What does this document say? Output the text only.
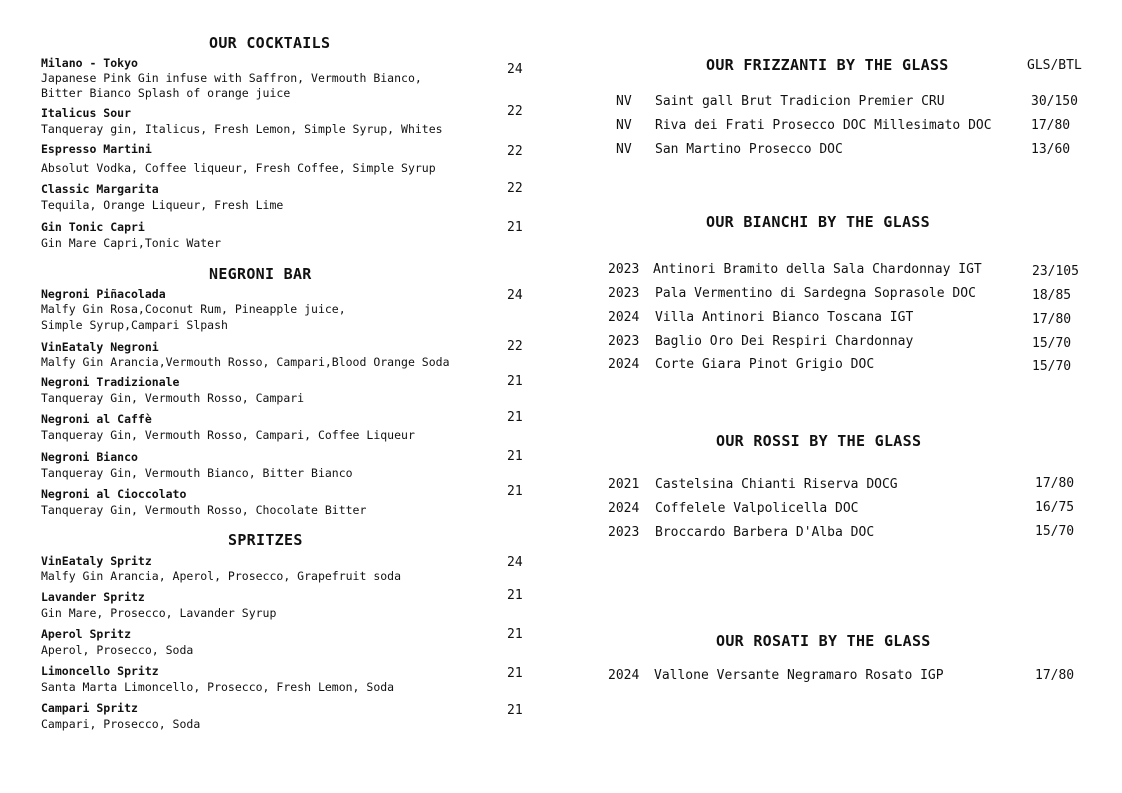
OUR COCKTAILS
Milano - Tokyo
Japanese Pink Gin infuse with Saffron, Vermouth Bianco,
Bitter Bianco Splash of orange juice
24
Italicus Sour
Tanqueray gin, Italicus, Fresh Lemon, Simple Syrup, Whites
22
Espresso Martini
Absolut Vodka, Coffee liqueur, Fresh Coffee, Simple Syrup
22
Classic Margarita
Tequila, Orange Liqueur, Fresh Lime
22
Gin Tonic Capri
Gin Mare Capri,Tonic Water
21
NEGRONI BAR
Negroni Piñacolada
Malfy Gin Rosa,Coconut Rum, Pineapple juice,
Simple Syrup,Campari Slpash
24
VinEataly Negroni
Malfy Gin Arancia,Vermouth Rosso, Campari,Blood Orange Soda
22
Negroni Tradizionale
Tanqueray Gin, Vermouth Rosso, Campari
21
Negroni al Caffè
Tanqueray Gin, Vermouth Rosso, Campari, Coffee Liqueur
21
Negroni Bianco
Tanqueray Gin, Vermouth Bianco, Bitter Bianco
21
Negroni al Cioccolato
Tanqueray Gin, Vermouth Rosso, Chocolate Bitter
21
SPRITZES
VinEataly Spritz
Malfy Gin Arancia, Aperol, Prosecco, Grapefruit soda
24
Lavander Spritz
Gin Mare, Prosecco, Lavander Syrup
21
Aperol Spritz
Aperol, Prosecco, Soda
21
Limoncello Spritz
Santa Marta Limoncello, Prosecco, Fresh Lemon, Soda
21
Campari Spritz
Campari, Prosecco, Soda
21
OUR FRIZZANTI BY THE GLASS	GLS/BTL
NV Saint gall Brut Tradicion Premier CRU	30/150
NV Riva dei Frati Prosecco DOC Millesimato DOC	17/80
NV San Martino Prosecco DOC	13/60
OUR BIANCHI BY THE GLASS
2023 Antinori Bramito della Sala Chardonnay IGT	23/105
2023 Pala Vermentino di Sardegna Soprasole DOC	18/85
2024 Villa Antinori Bianco Toscana IGT	17/80
2023 Baglio Oro Dei Respiri Chardonnay	15/70
2024 Corte Giara Pinot Grigio DOC	15/70
OUR ROSSI BY THE GLASS
2021 Castelsina Chianti Riserva DOCG	17/80
2024 Coffelele Valpolicella DOC	16/75
2023 Broccardo Barbera D'Alba DOC	15/70
OUR ROSATI BY THE GLASS
2024 Vallone Versante Negramaro Rosato IGP	17/80
